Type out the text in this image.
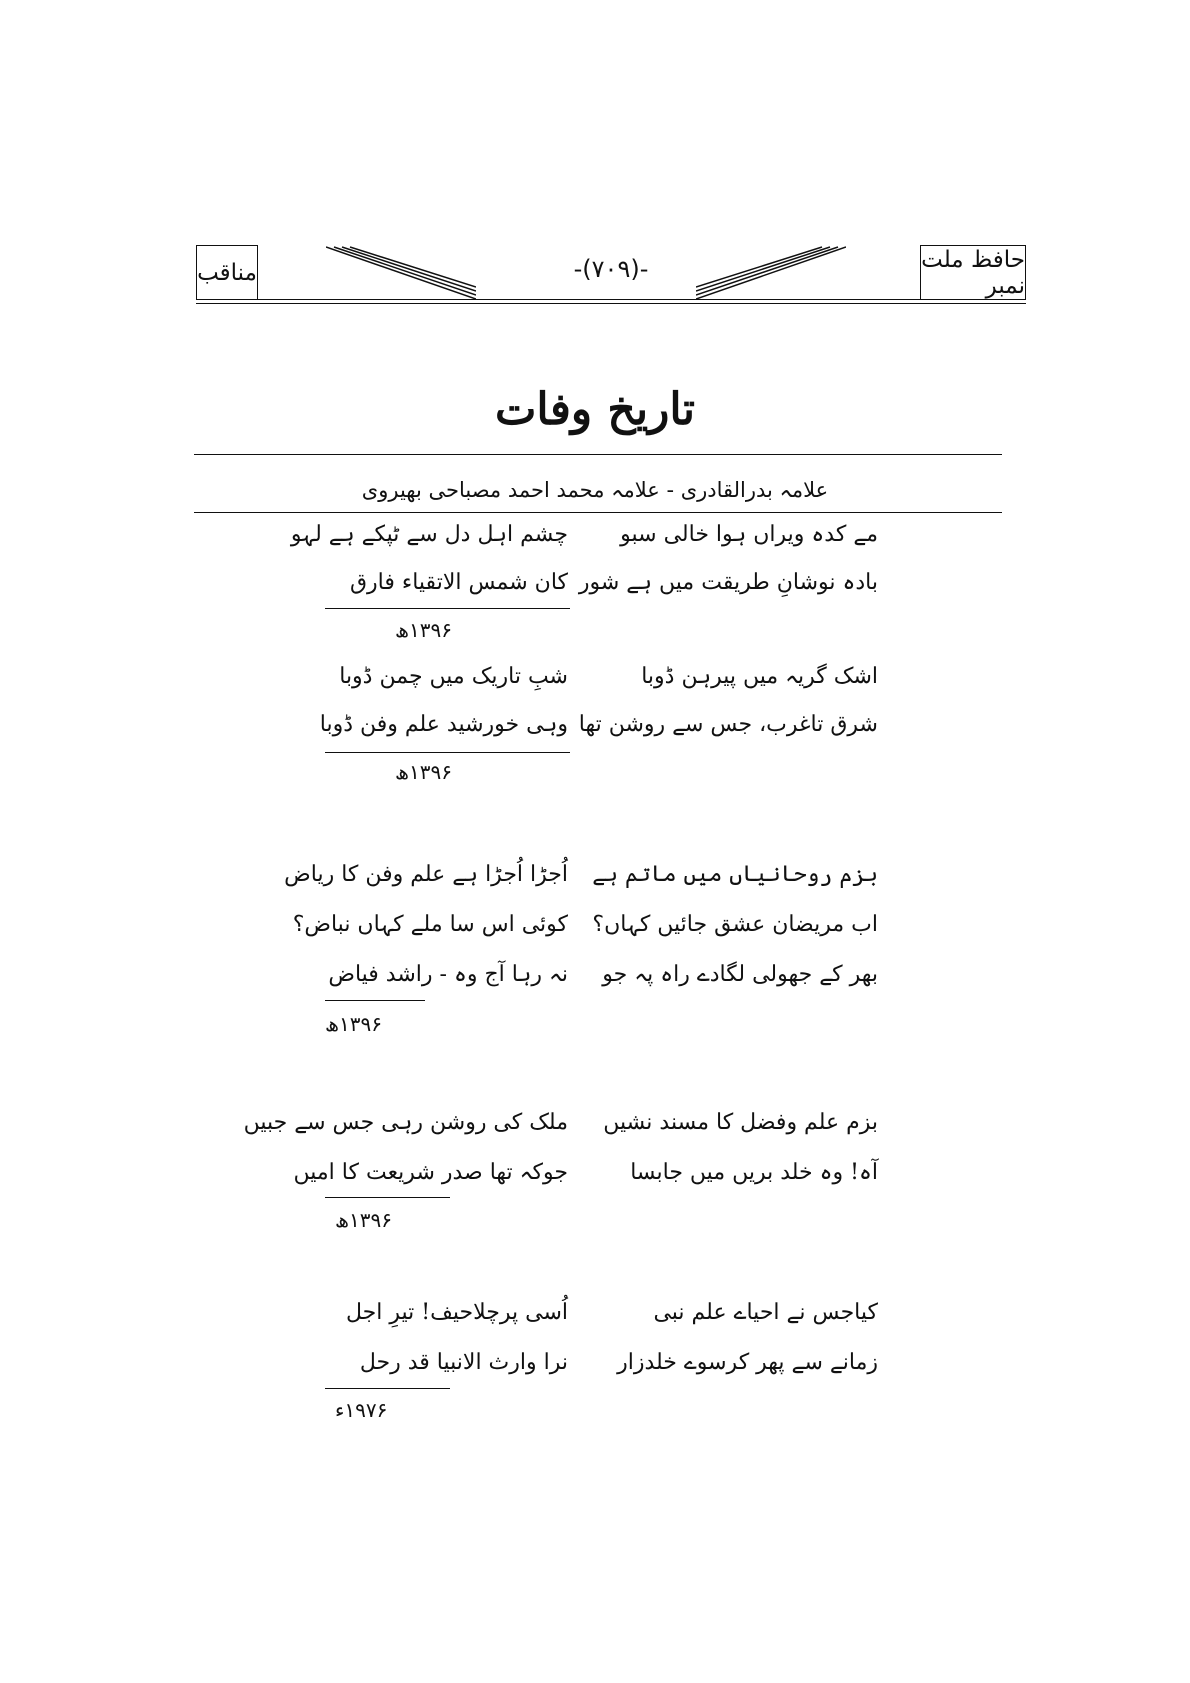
مناقب	حافظ ملت نمبر
-(۷۰۹)-
تاریخ وفات
علامہ بدرالقادری - علامہ محمد احمد مصباحی بھیروی
مے کدہ ویراں ہوا خالی سبو
چشم اہل دل سے ٹپکے ہے لہو
بادہ نوشانِ طریقت میں ہے شور
کان شمس الاتقیاء فارق
۱۳۹۶ھ
اشک گریہ میں پیرہن ڈوبا
شبِ تاریک میں چمن ڈوبا
شرق تاغرب، جس سے روشن تھا
وہی خورشید علم وفن ڈوبا
۱۳۹۶ھ
بزم روحانیاں میں ماتم ہے
اُجڑا اُجڑا ہے علم وفن کا ریاض
اب مریضان عشق جائیں کہاں؟
کوئی اس سا ملے کہاں نباض؟
بھر کے جھولی لگادے راہ پہ جو
نہ رہا آج وہ - راشد فیاض
۱۳۹۶ھ
بزم علم وفضل کا مسند نشیں
ملک کی روشن رہی جس سے جبیں
آہ! وہ خلد بریں میں جابسا
جوکہ تھا صدر شریعت کا امیں
۱۳۹۶ھ
کیاجس نے احیاے علم نبی
اُسی پرچلاحیف! تیرِ اجل
زمانے سے پھر کرسوے خلدزار
نرا وارث الانبیا قد رحل
۱۹۷۶ء
